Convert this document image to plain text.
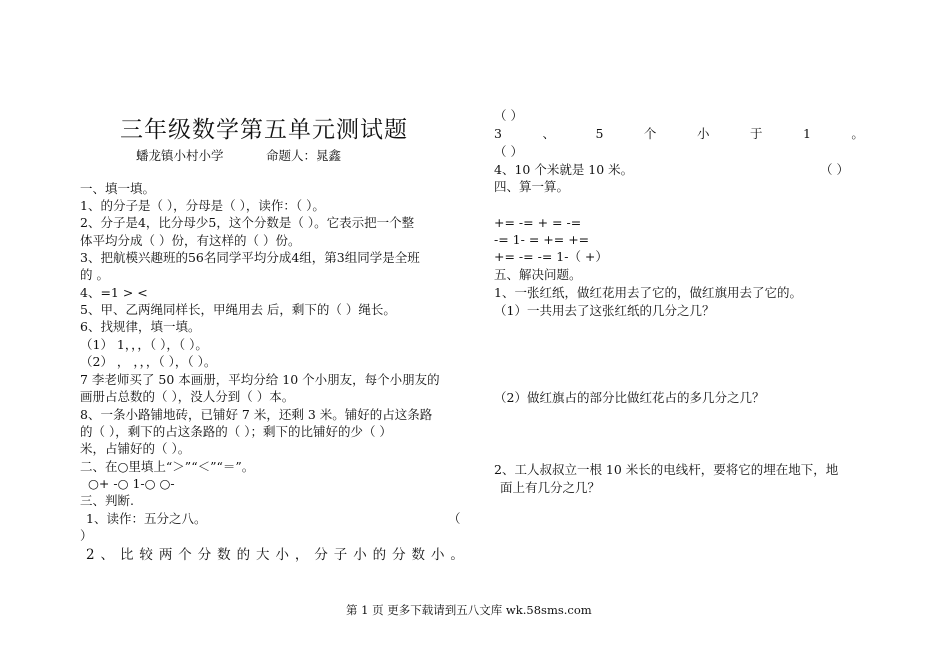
三年级数学第五单元测试题
蟠龙镇小村小学	命题人：晁鑫
一、填一填。
1、的分子是（ ），分母是（ ），读作：（ ）。
2、分子是4，比分母少5，这个分数是（ ）。它表示把一个整
体平均分成（ ）份，有这样的（ ）份。
3、把航模兴趣班的56名同学平均分成4组，第3组同学是全班
的 。
4、=1 > <
5、甲、乙两绳同样长，甲绳用去 后，剩下的（ ）绳长。
6、找规律，填一填。
（1） 1，，，（ ），（ ）。
（2） ， ，，，（ ），（ ）。
7 李老师买了 50 本画册，平均分给 10 个小朋友，每个小朋友的
画册占总数的（ ），没人分到（ ）本。
8、一条小路铺地砖，已铺好 7 米，还剩 3 米。铺好的占这条路
的（ ），剩下的占这条路的（ ）；剩下的比铺好的少（ ）
米，占铺好的（ ）。
二、在○里填上“＞”“＜”“＝”。
○+ -○ 1-○ ○-
三、判断.
1、读作：五分之八。	（
）
2 、 比 较 两 个 分 数 的 大 小 ， 分 子 小 的 分 数 小 。
（ ）
3	、	5	个	小	于	1	。
（ ）
4、10 个米就是 10 米。	（ ）
四、算一算。
+= -= + = -=
-= 1- = += +=
+= -= -= 1-（ +）
五、解决问题。
1、一张红纸，做红花用去了它的，做红旗用去了它的。
（1）一共用去了这张红纸的几分之几？
（2）做红旗占的部分比做红花占的多几分之几？
2、工人叔叔立一根 10 米长的电线杆，要将它的埋在地下，地
面上有几分之几？
第 1 页 更多下载请到五八文库 wk.58sms.com
